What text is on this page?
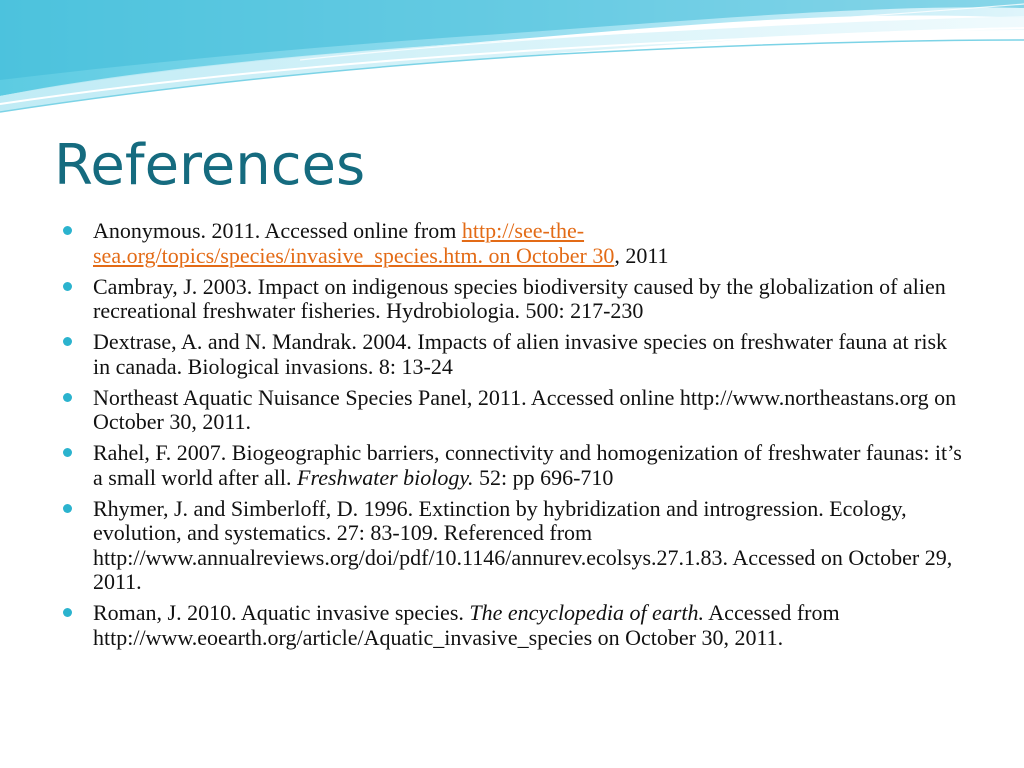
References
Anonymous. 2011. Accessed online from http://see-the-sea.org/topics/species/invasive_species.htm. on October 30, 2011
Cambray, J. 2003. Impact on indigenous species biodiversity caused by the globalization of alien recreational freshwater fisheries. Hydrobiologia. 500: 217-230
Dextrase, A. and N. Mandrak. 2004. Impacts of alien invasive species on freshwater fauna at risk in canada. Biological invasions. 8: 13-24
Northeast Aquatic Nuisance Species Panel, 2011. Accessed online http://www.northeastans.org on October 30, 2011.
Rahel, F. 2007. Biogeographic barriers, connectivity and homogenization of freshwater faunas: it’s a small world after all. Freshwater biology. 52: pp 696-710
Rhymer, J. and Simberloff, D. 1996. Extinction by hybridization and introgression. Ecology, evolution, and systematics. 27: 83-109. Referenced from http://www.annualreviews.org/doi/pdf/10.1146/annurev.ecolsys.27.1.83. Accessed on October 29, 2011.
Roman, J. 2010. Aquatic invasive species. The encyclopedia of earth. Accessed from http://www.eoearth.org/article/Aquatic_invasive_species on October 30, 2011.
